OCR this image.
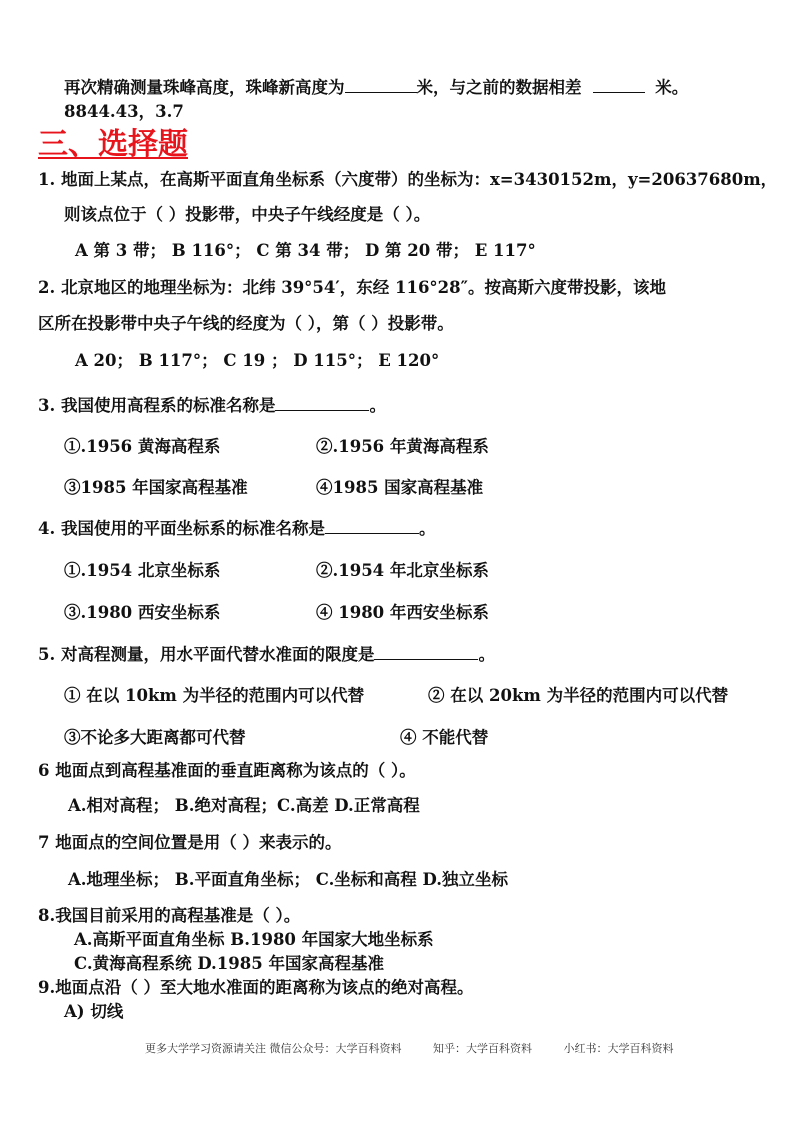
再次精确测量珠峰高度，珠峰新高度为	米，与之前的数据相差	米。
8844.43，3.7
三、选择题
1. 地面上某点，在高斯平面直角坐标系（六度带）的坐标为：x=3430152m，y=20637680m，
则该点位于（ ）投影带，中央子午线经度是（ ）。
A 第 3 带； B 116°； C 第 34 带； D 第 20 带； E 117°
2. 北京地区的地理坐标为：北纬 39°54′，东经 116°28″。按高斯六度带投影，该地
区所在投影带中央子午线的经度为（ ），第（ ）投影带。
A 20； B 117°； C 19 ； D 115°； E 120°
3. 我国使用高程系的标准名称是	。
①.1956 黄海高程系	②.1956 年黄海高程系
③1985 年国家高程基准	④1985 国家高程基准
4. 我国使用的平面坐标系的标准名称是	。
①.1954 北京坐标系	②.1954 年北京坐标系
③.1980 西安坐标系	④ 1980 年西安坐标系
5. 对高程测量，用水平面代替水准面的限度是	。
① 在以 10km 为半径的范围内可以代替	② 在以 20km 为半径的范围内可以代替
③不论多大距离都可代替	④ 不能代替
6 地面点到高程基准面的垂直距离称为该点的（ ）。
A.相对高程； B.绝对高程；C.高差 D.正常高程
7 地面点的空间位置是用（ ）来表示的。
A.地理坐标； B.平面直角坐标； C.坐标和高程 D.独立坐标
8.我国目前采用的高程基准是（ ）。
A.高斯平面直角坐标 B.1980 年国家大地坐标系
C.黄海高程系统 D.1985 年国家高程基准
9.地面点沿（ ）至大地水准面的距离称为该点的绝对高程。
A) 切线
更多大学学习资源请关注 微信公众号：大学百科资料	知乎：大学百科资料	小红书：大学百科资料
